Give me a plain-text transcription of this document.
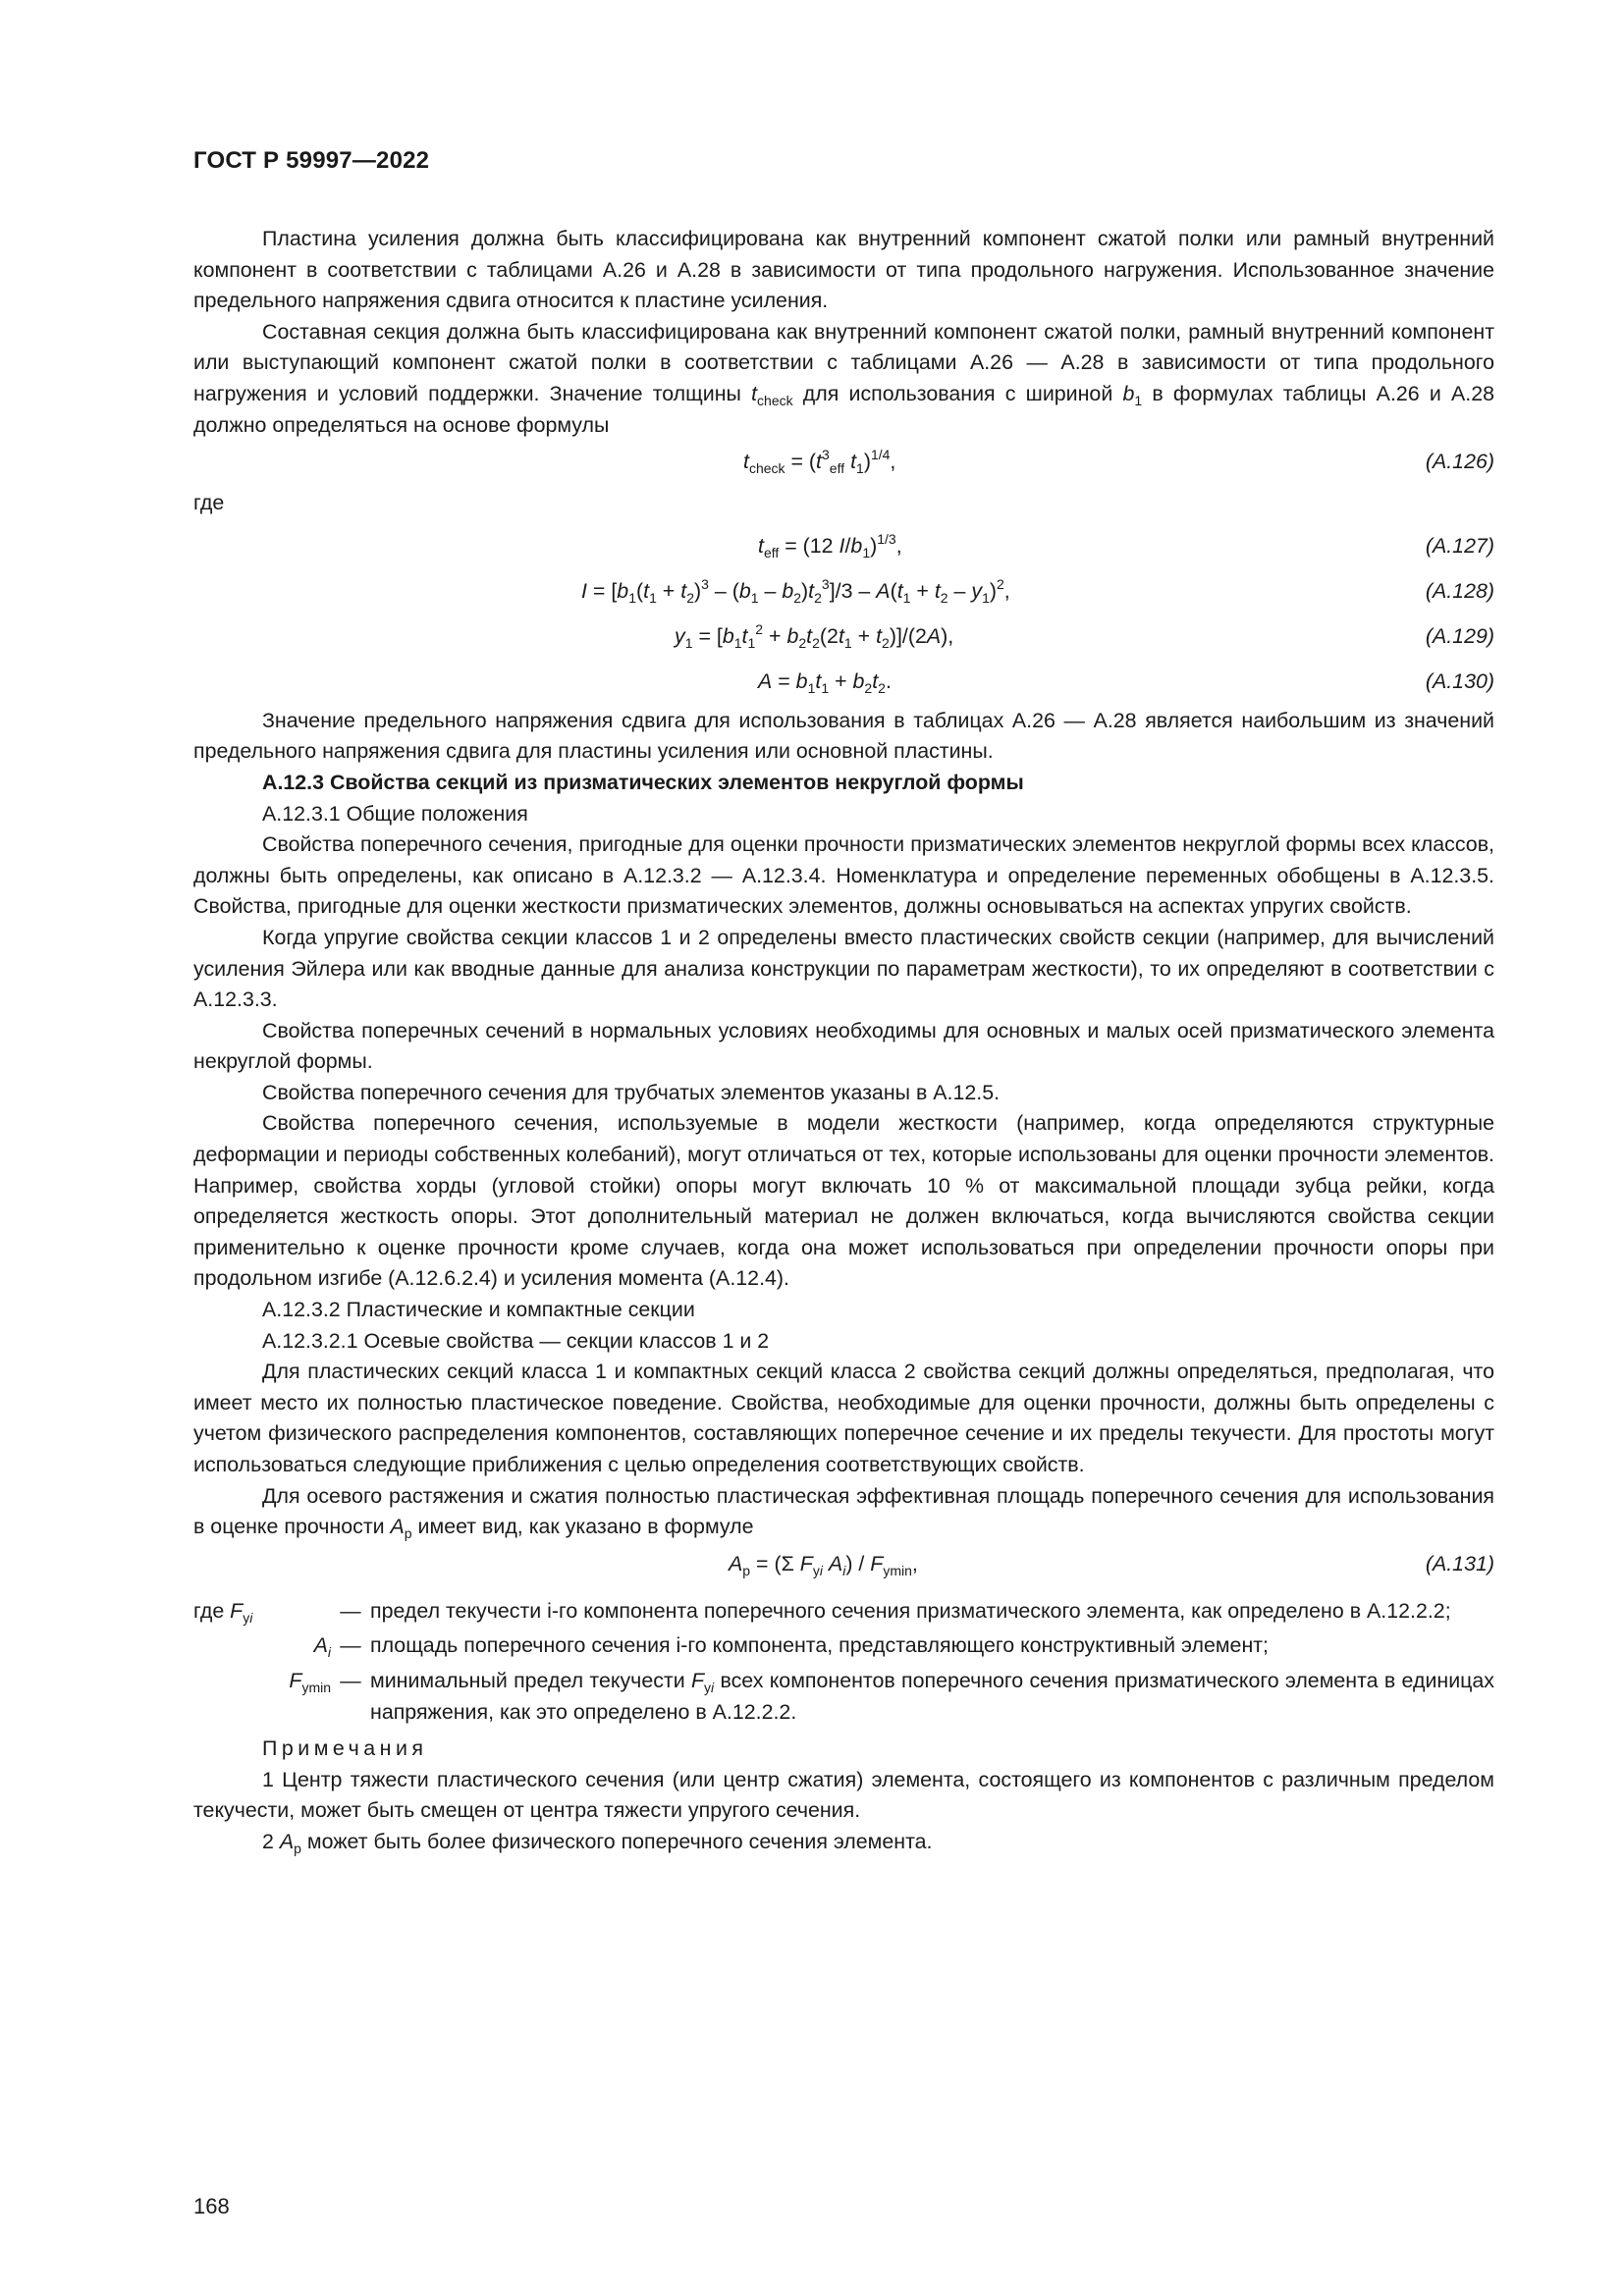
ГОСТ Р 59997—2022

Пластина усиления должна быть классифицирована как внутренний компонент сжатой полки или рамный внутренний компонент в соответствии с таблицами А.26 и А.28 в зависимости от типа продольного нагружения. Использованное значение предельного напряжения сдвига относится к пластине усиления.

Составная секция должна быть классифицирована как внутренний компонент сжатой полки, рамный внутренний компонент или выступающий компонент сжатой полки в соответствии с таблицами А.26 — А.28 в зависимости от типа продольного нагружения и условий поддержки. Значение толщины $t_{check}$ для использования с шириной $b_1$ в формулах таблицы А.26 и А.28 должно определяться на основе формулы

$t_{check} = (t^3_{eff}$ $t_1)^{1/4}$,	(А.126)

где

$t_{eff} = (12$ $I/b_1)^{1/3}$,	(А.127)
$I = [b_1(t_1 + t_2)^3 - (b_1 - b_2)t_2^3]/3 - A(t_1 + t_2 - y_1)^2$,	(А.128)
$y_1 = [b_1t_1^2 + b_2t_2(2t_1 + t_2)]/(2A)$,	(А.129)
$A = b_1t_1 + b_2t_2$.	(А.130)

Значение предельного напряжения сдвига для использования в таблицах А.26 — А.28 является наибольшим из значений предельного напряжения сдвига для пластины усиления или основной пластины.

А.12.3 Свойства секций из призматических элементов некруглой формы

А.12.3.1 Общие положения

Свойства поперечного сечения, пригодные для оценки прочности призматических элементов некруглой формы всех классов, должны быть определены, как описано в А.12.3.2 — А.12.3.4. Номенклатура и определение переменных обобщены в А.12.3.5. Свойства, пригодные для оценки жесткости призматических элементов, должны основываться на аспектах упругих свойств.

Когда упругие свойства секции классов 1 и 2 определены вместо пластических свойств секции (например, для вычислений усиления Эйлера или как вводные данные для анализа конструкции по параметрам жесткости), то их определяют в соответствии с А.12.3.3.

Свойства поперечных сечений в нормальных условиях необходимы для основных и малых осей призматического элемента некруглой формы.

Свойства поперечного сечения для трубчатых элементов указаны в А.12.5.

Свойства поперечного сечения, используемые в модели жесткости (например, когда определяются структурные деформации и периоды собственных колебаний), могут отличаться от тех, которые использованы для оценки прочности элементов. Например, свойства хорды (угловой стойки) опоры могут включать 10 % от максимальной площади зубца рейки, когда определяется жесткость опоры. Этот дополнительный материал не должен включаться, когда вычисляются свойства секции применительно к оценке прочности кроме случаев, когда она может использоваться при определении прочности опоры при продольном изгибе (А.12.6.2.4) и усиления момента (А.12.4).

А.12.3.2 Пластические и компактные секции

А.12.3.2.1 Осевые свойства — секции классов 1 и 2

Для пластических секций класса 1 и компактных секций класса 2 свойства секций должны определяться, предполагая, что имеет место их полностью пластическое поведение. Свойства, необходимые для оценки прочности, должны быть определены с учетом физического распределения компонентов, составляющих поперечное сечение и их пределы текучести. Для простоты могут использоваться следующие приближения с целью определения соответствующих свойств.

Для осевого растяжения и сжатия полностью пластическая эффективная площадь поперечного сечения для использования в оценке прочности $A_p$ имеет вид, как указано в формуле

$A_p = (\Sigma$ $F_{yi}$ $A_i) / F_{ymin}$,	(А.131)
где $F_{yi}$	— предел текучести i-го компонента поперечного сечения призматического элемента, как определено в А.12.2.2;
$A_i$ — площадь поперечного сечения i-го компонента, представляющего конструктивный элемент;
$F_{ymin}$ — минимальный предел текучести $F_{yi}$ всех компонентов поперечного сечения призматического элемента в единицах напряжения, как это определено в А.12.2.2.

Примечания

1 Центр тяжести пластического сечения (или центр сжатия) элемента, состоящего из компонентов с различным пределом текучести, может быть смещен от центра тяжести упругого сечения.

2 $A_p$ может быть более физического поперечного сечения элемента.

168
